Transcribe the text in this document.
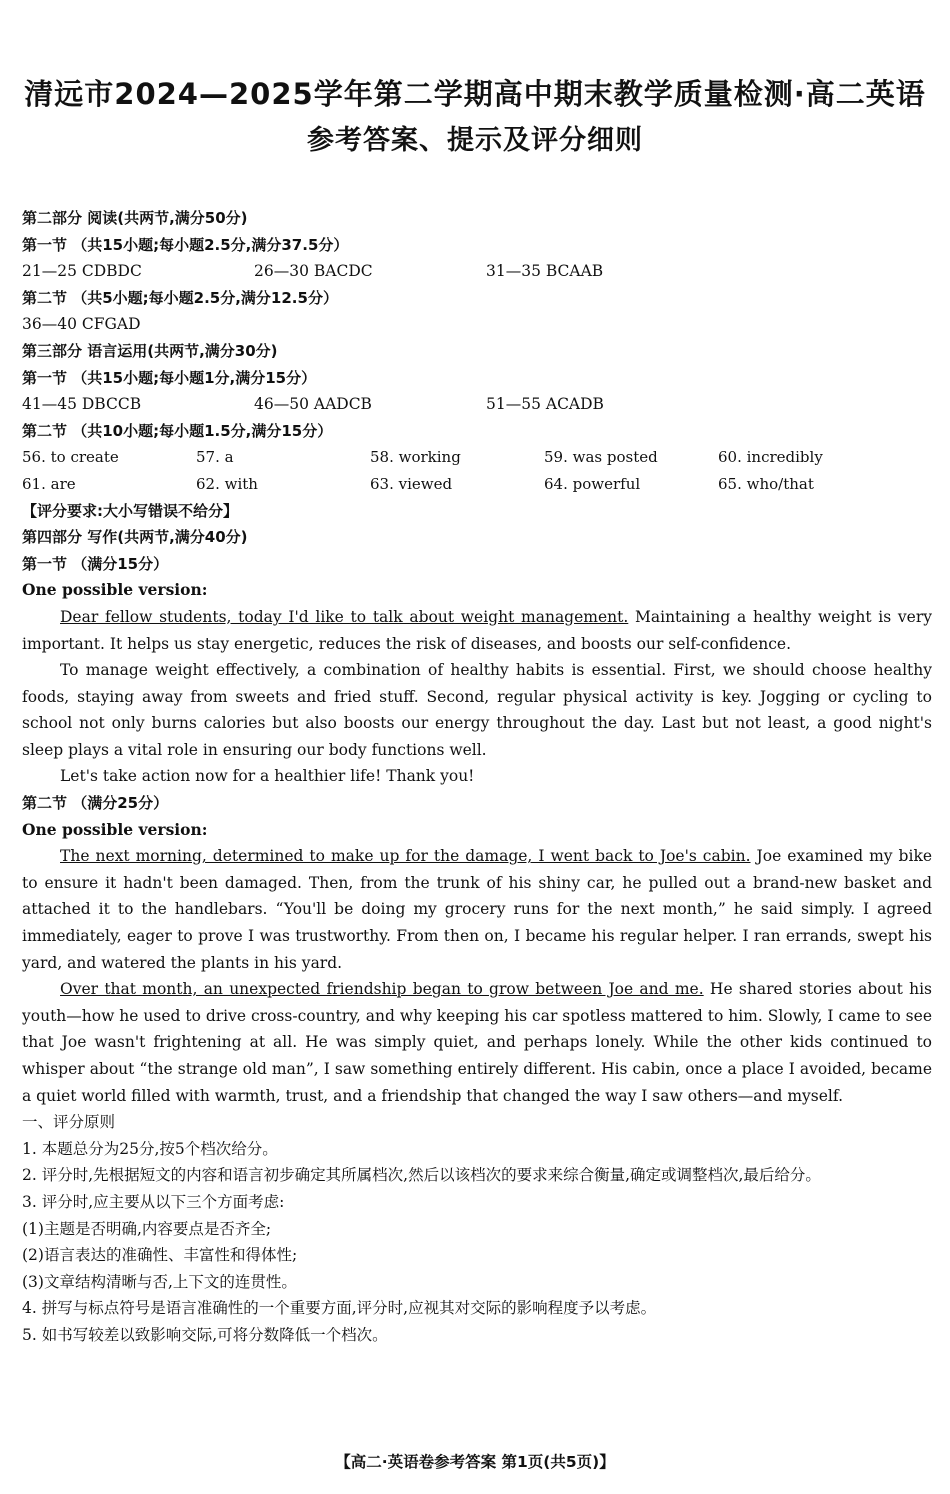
清远市2024—2025学年第二学期高中期末教学质量检测·高二英语
参考答案、提示及评分细则
第二部分 阅读(共两节,满分50分)
第一节 （共15小题;每小题2.5分,满分37.5分）
21—25 CDBDC	26—30 BACDC	31—35 BCAAB
第二节 （共5小题;每小题2.5分,满分12.5分）
36—40 CFGAD
第三部分 语言运用(共两节,满分30分)
第一节 （共15小题;每小题1分,满分15分）
41—45 DBCCB	46—50 AADCB	51—55 ACADB
第二节 （共10小题;每小题1.5分,满分15分）
56. to create	57. a	58. working	59. was posted	60. incredibly
61. are	62. with	63. viewed	64. powerful	65. who/that
【评分要求:大小写错误不给分】
第四部分 写作(共两节,满分40分)
第一节 （满分15分）
One possible version:
Dear fellow students, today I'd like to talk about weight management. Maintaining a healthy weight is very important. It helps us stay energetic, reduces the risk of diseases, and boosts our self-confidence.
To manage weight effectively, a combination of healthy habits is essential. First, we should choose healthy foods, staying away from sweets and fried stuff. Second, regular physical activity is key. Jogging or cycling to school not only burns calories but also boosts our energy throughout the day. Last but not least, a good night's sleep plays a vital role in ensuring our body functions well.
Let's take action now for a healthier life! Thank you!
第二节 （满分25分）
One possible version:
The next morning, determined to make up for the damage, I went back to Joe's cabin. Joe examined my bike to ensure it hadn't been damaged. Then, from the trunk of his shiny car, he pulled out a brand-new basket and attached it to the handlebars. “You'll be doing my grocery runs for the next month,” he said simply. I agreed immediately, eager to prove I was trustworthy. From then on, I became his regular helper. I ran errands, swept his yard, and watered the plants in his yard.
Over that month, an unexpected friendship began to grow between Joe and me. He shared stories about his youth—how he used to drive cross-country, and why keeping his car spotless mattered to him. Slowly, I came to see that Joe wasn't frightening at all. He was simply quiet, and perhaps lonely. While the other kids continued to whisper about “the strange old man”, I saw something entirely different. His cabin, once a place I avoided, became a quiet world filled with warmth, trust, and a friendship that changed the way I saw others—and myself.
一、评分原则
1. 本题总分为25分,按5个档次给分。
2. 评分时,先根据短文的内容和语言初步确定其所属档次,然后以该档次的要求来综合衡量,确定或调整档次,最后给分。
3. 评分时,应主要从以下三个方面考虑:
(1)主题是否明确,内容要点是否齐全;
(2)语言表达的准确性、丰富性和得体性;
(3)文章结构清晰与否,上下文的连贯性。
4. 拼写与标点符号是语言准确性的一个重要方面,评分时,应视其对交际的影响程度予以考虑。
5. 如书写较差以致影响交际,可将分数降低一个档次。
【高二·英语卷参考答案 第1页(共5页)】
